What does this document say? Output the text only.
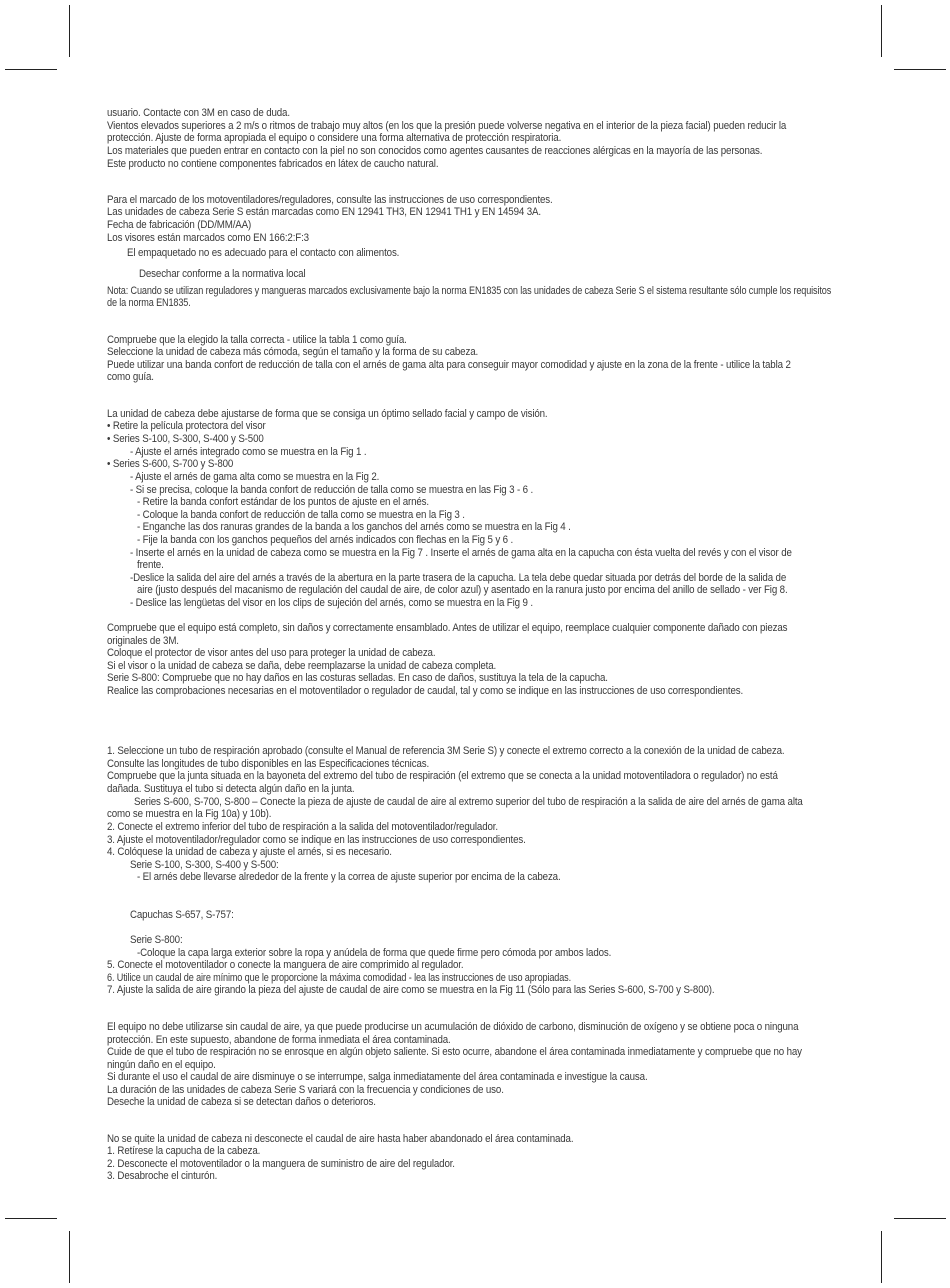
usuario. Contacte con 3M en caso de duda.
Vientos elevados superiores a 2 m/s o ritmos de trabajo muy altos (en los que la presión puede volverse negativa en el interior de la pieza facial) pueden reducir la
protección. Ajuste de forma apropiada el equipo o considere una forma alternativa de protección respiratoria.
Los materiales que pueden entrar en contacto con la piel no son conocidos como agentes causantes de reacciones alérgicas en la mayoría de las personas.
Este producto no contiene componentes fabricados en látex de caucho natural.
Para el marcado de los motoventiladores/reguladores, consulte las instrucciones de uso correspondientes.
Las unidades de cabeza Serie S están marcadas como EN 12941 TH3, EN 12941 TH1 y EN 14594 3A.
Fecha de fabricación (DD/MM/AA)
Los visores están marcados como EN 166:2:F:3
El empaquetado no es adecuado para el contacto con alimentos.
Desechar conforme a la normativa local
Nota: Cuando se utilizan reguladores y mangueras marcados exclusivamente bajo la norma EN1835 con las unidades de cabeza Serie S el sistema resultante sólo cumple los requisitos
de la norma EN1835.
Compruebe que la elegido la talla correcta - utilice la tabla 1 como guía.
Seleccione la unidad de cabeza más cómoda, según el tamaño y la forma de su cabeza.
Puede utilizar una banda confort de reducción de talla con el arnés de gama alta para conseguir mayor comodidad y ajuste en la zona de la frente - utilice la tabla 2
como guía.
La unidad de cabeza debe ajustarse de forma que se consiga un óptimo sellado facial y campo de visión.
• Retire la película protectora del visor
• Series S-100, S-300, S-400 y S-500
- Ajuste el arnés integrado como se muestra en la Fig 1 .
• Series S-600, S-700 y S-800
- Ajuste el arnés de gama alta como se muestra en la Fig 2.
- Si se precisa, coloque la banda confort de reducción de talla como se muestra en las Fig 3 - 6 .
- Retire la banda confort estándar de los puntos de ajuste en el arnés.
- Coloque la banda confort de reducción de talla como se muestra en la Fig 3 .
- Enganche las dos ranuras grandes de la banda a los ganchos del arnés como se muestra en la Fig 4 .
- Fije la banda con los ganchos pequeños del arnés indicados con flechas en la Fig 5 y 6 .
- Inserte el arnés en la unidad de cabeza como se muestra en la Fig 7 . Inserte el arnés de gama alta en la capucha con ésta vuelta del revés y con el visor de
frente.
-Deslice la salida del aire del arnés a través de la abertura en la parte trasera de la capucha. La tela debe quedar situada por detrás del borde de la salida de
aire (justo después del macanismo de regulación del caudal de aire, de color azul) y asentado en la ranura justo por encima del anillo de sellado - ver Fig 8.
- Deslice las lengüetas del visor en los clips de sujeción del arnés, como se muestra en la Fig 9 .
Compruebe que el equipo está completo, sin daños y correctamente ensamblado. Antes de utilizar el equipo, reemplace cualquier componente dañado con piezas
originales de 3M.
Coloque el protector de visor antes del uso para proteger la unidad de cabeza.
Si el visor o la unidad de cabeza se daña, debe reemplazarse la unidad de cabeza completa.
Serie S-800: Compruebe que no hay daños en las costuras selladas. En caso de daños, sustituya la tela de la capucha.
Realice las comprobaciones necesarias en el motoventilador o regulador de caudal, tal y como se indique en las instrucciones de uso correspondientes.
1. Seleccione un tubo de respiración aprobado (consulte el Manual de referencia 3M Serie S) y conecte el extremo correcto a la conexión de la unidad de cabeza.
Consulte las longitudes de tubo disponibles en las Especificaciones técnicas.
Compruebe que la junta situada en la bayoneta del extremo del tubo de respiración (el extremo que se conecta a la unidad motoventiladora o regulador) no está
dañada. Sustituya el tubo si detecta algún daño en la junta.
Series S-600, S-700, S-800 – Conecte la pieza de ajuste de caudal de aire al extremo superior del tubo de respiración a la salida de aire del arnés de gama alta
como se muestra en la Fig 10a) y 10b).
2. Conecte el extremo inferior del tubo de respiración a la salida del motoventilador/regulador.
3. Ajuste el motoventilador/regulador como se indique en las instrucciones de uso correspondientes.
4. Colóquese la unidad de cabeza y ajuste el arnés, si es necesario.
Serie S-100, S-300, S-400 y S-500:
- El arnés debe llevarse alrededor de la frente y la correa de ajuste superior por encima de la cabeza.
Capuchas S-657, S-757:
Serie S-800:
-Coloque la capa larga exterior sobre la ropa y anúdela de forma que quede firme pero cómoda por ambos lados.
5. Conecte el motoventilador o conecte la manguera de aire comprimido al regulador.
6. Utilice un caudal de aire mínimo que le proporcione la máxima comodidad - lea las instrucciones de uso apropiadas.
7. Ajuste la salida de aire girando la pieza del ajuste de caudal de aire como se muestra en la Fig 11 (Sólo para las Series S-600, S-700 y S-800).
El equipo no debe utilizarse sin caudal de aire, ya que puede producirse un acumulación de dióxido de carbono, disminución de oxígeno y se obtiene poca o ninguna
protección. En este supuesto, abandone de forma inmediata el área contaminada.
Cuide de que el tubo de respiración no se enrosque en algún objeto saliente. Si esto ocurre, abandone el área contaminada inmediatamente y compruebe que no hay
ningún daño en el equipo.
Si durante el uso el caudal de aire disminuye o se interrumpe, salga inmediatamente del área contaminada e investigue la causa.
La duración de las unidades de cabeza Serie S variará con la frecuencia y condiciones de uso.
Deseche la unidad de cabeza si se detectan daños o deterioros.
No se quite la unidad de cabeza ni desconecte el caudal de aire hasta haber abandonado el área contaminada.
1. Retírese la capucha de la cabeza.
2. Desconecte el motoventilador o la manguera de suministro de aire del regulador.
3. Desabroche el cinturón.
